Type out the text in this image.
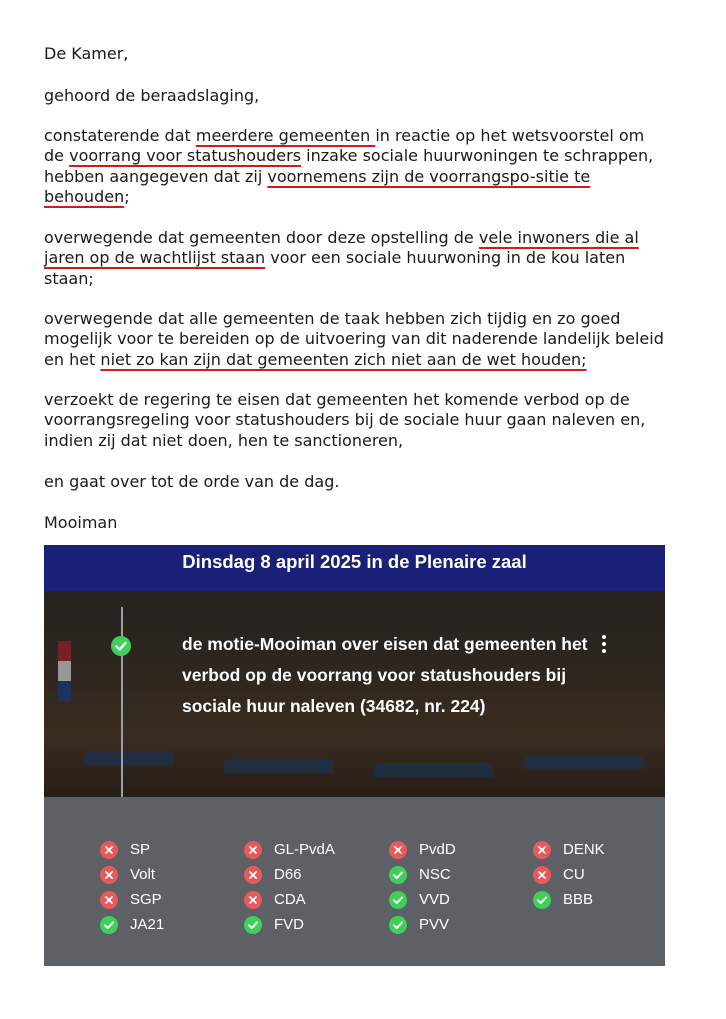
De Kamer,

gehoord de beraadslaging,

constaterende dat meerdere gemeenten in reactie op het wetsvoorstel om de voorrang voor statushouders inzake sociale huurwoningen te schrappen, hebben aangegeven dat zij voornemens zijn de voorrangspo-sitie te behouden;

overwegende dat gemeenten door deze opstelling de vele inwoners die al jaren op de wachtlijst staan voor een sociale huurwoning in de kou laten staan;

overwegende dat alle gemeenten de taak hebben zich tijdig en zo goed mogelijk voor te bereiden op de uitvoering van dit naderende landelijk beleid en het niet zo kan zijn dat gemeenten zich niet aan de wet houden;

verzoekt de regering te eisen dat gemeenten het komende verbod op de voorrangsregeling voor statushouders bij de sociale huur gaan naleven en, indien zij dat niet doen, hen te sanctioneren,

en gaat over tot de orde van de dag.

Mooiman

Dinsdag 8 april 2025 in de Plenaire zaal

de motie-Mooiman over eisen dat gemeenten het verbod op de voorrang voor statushouders bij sociale huur naleven (34682, nr. 224)

SP	GL-PvdA	PvdD	DENK
Volt	D66	NSC	CU
SGP	CDA	VVD	BBB
JA21	FVD	PVV
